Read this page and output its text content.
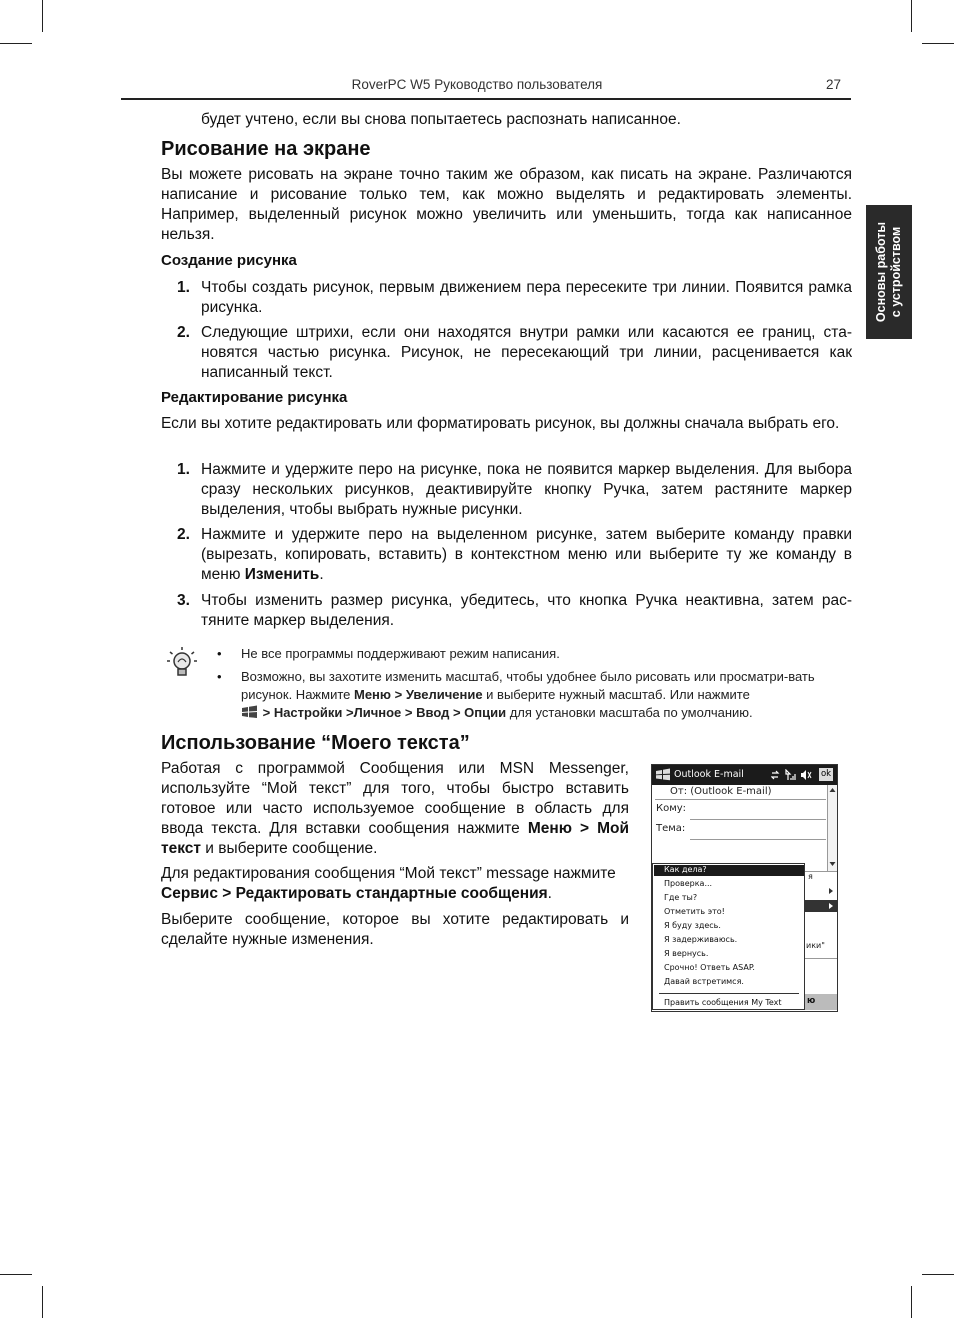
RoverPC W5 Руководство пользователя	27
Основы работы с устройством
будет учтено, если вы снова попытаетесь распознать написанное.
Рисование на экране
Вы можете рисовать на экране точно таким же образом, как писать на экране. Различаются написание и рисование только тем, как можно выделять и редактировать элементы. Например, выделенный рисунок можно увеличить или уменьшить, тогда как написанное нельзя.
Создание рисунка
1. Чтобы создать рисунок, первым движением пера пересеките три линии. Появится рамка рисунка.
2. Следующие штрихи, если они находятся внутри рамки или касаются ее границ, ста-новятся частью рисунка. Рисунок, не пересекающий три линии, расценивается как написанный текст.
Редактирование рисунка
Если вы хотите редактировать или форматировать рисунок, вы должны сначала выбрать его.
1. Нажмите и удержите перо на рисунке, пока не появится маркер выделения. Для выбора сразу нескольких рисунков, деактивируйте кнопку Ручка, затем растяните маркер выделения, чтобы выбрать нужные рисунки.
2. Нажмите и удержите перо на выделенном рисунке, затем выберите команду правки (вырезать, копировать, вставить) в контекстном меню или выберите ту же команду в меню Изменить.
3. Чтобы изменить размер рисунка, убедитесь, что кнопка Ручка неактивна, затем рас-тяните маркер выделения.
• Не все программы поддерживают режим написания.
• Возможно, вы захотите изменить масштаб, чтобы удобнее было рисовать или просматри-вать рисунок. Нажмите Меню > Увеличение и выберите нужный масштаб. Или нажмите
> Настройки >Личное > Ввод > Опции для установки масштаба по умолчанию.
Использование “Моего текста”
Работая с программой Сообщения или MSN Messenger, используйте “Мой текст” для того, чтобы быстро вставить готовое или часто используемое сообщение в область для ввода текста. Для вставки сообщения нажмите Меню > Мой текст и выберите сообщение.
Для редактирования сообщения “Мой текст” message нажмите Сервис > Редактировать стандартные сообщения.
Выберите сообщение, которое вы хотите редактировать и сделайте нужные изменения.
Outlook E-mail	ok
От: (Outlook E-mail)
Кому:
Тема:
я
ики"
ю
Как дела?
Проверка...
Где ты?
Отметить это!
Я буду здесь.
Я задерживаюсь.
Я вернусь.
Срочно! Ответь ASAP.
Давай встретимся.
Править сообщения My Text
